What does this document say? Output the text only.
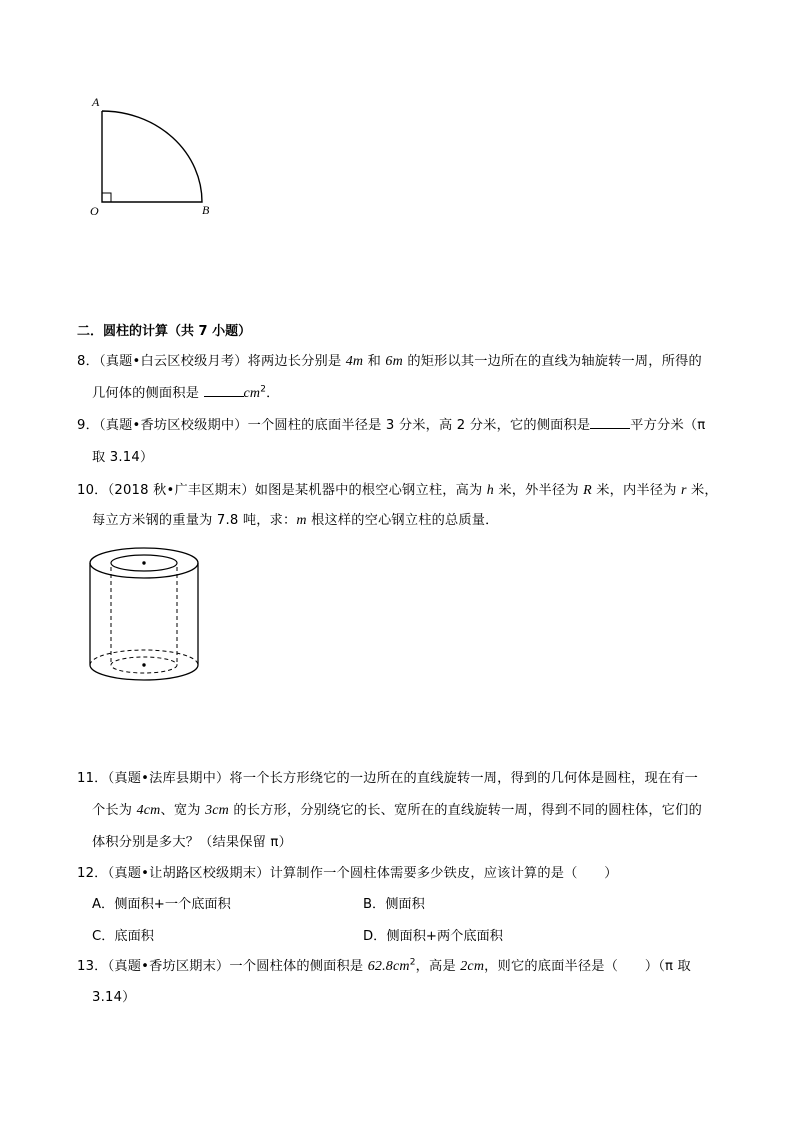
A
O	B
二．圆柱的计算（共 7 小题）
8．（真题•白云区校级月考）将两边长分别是 4m 和 6m 的矩形以其一边所在的直线为轴旋转一周，所得的
几何体的侧面积是	$cm^2$．
9．（真题•香坊区校级期中）一个圆柱的底面半径是 3 分米，高 2 分米，它的侧面积是	平方分米（π
取 3.14）
10．（2018 秋•广丰区期末）如图是某机器中的根空心钢立柱，高为 h 米，外半径为 R 米，内半径为 r 米，
每立方米钢的重量为 7.8 吨，求：m 根这样的空心钢立柱的总质量．
11．（真题•法库县期中）将一个长方形绕它的一边所在的直线旋转一周，得到的几何体是圆柱，现在有一
个长为 4cm、宽为 3cm 的长方形，分别绕它的长、宽所在的直线旋转一周，得到不同的圆柱体，它们的
体积分别是多大？（结果保留 π）
12．（真题•让胡路区校级期末）计算制作一个圆柱体需要多少铁皮，应该计算的是（　　）
A．侧面积+一个底面积	B．侧面积
C．底面积	D．侧面积+两个底面积
13．（真题•香坊区期末）一个圆柱体的侧面积是 $62.8cm^2$，高是 2cm，则它的底面半径是（　　）（π 取
3.14）
